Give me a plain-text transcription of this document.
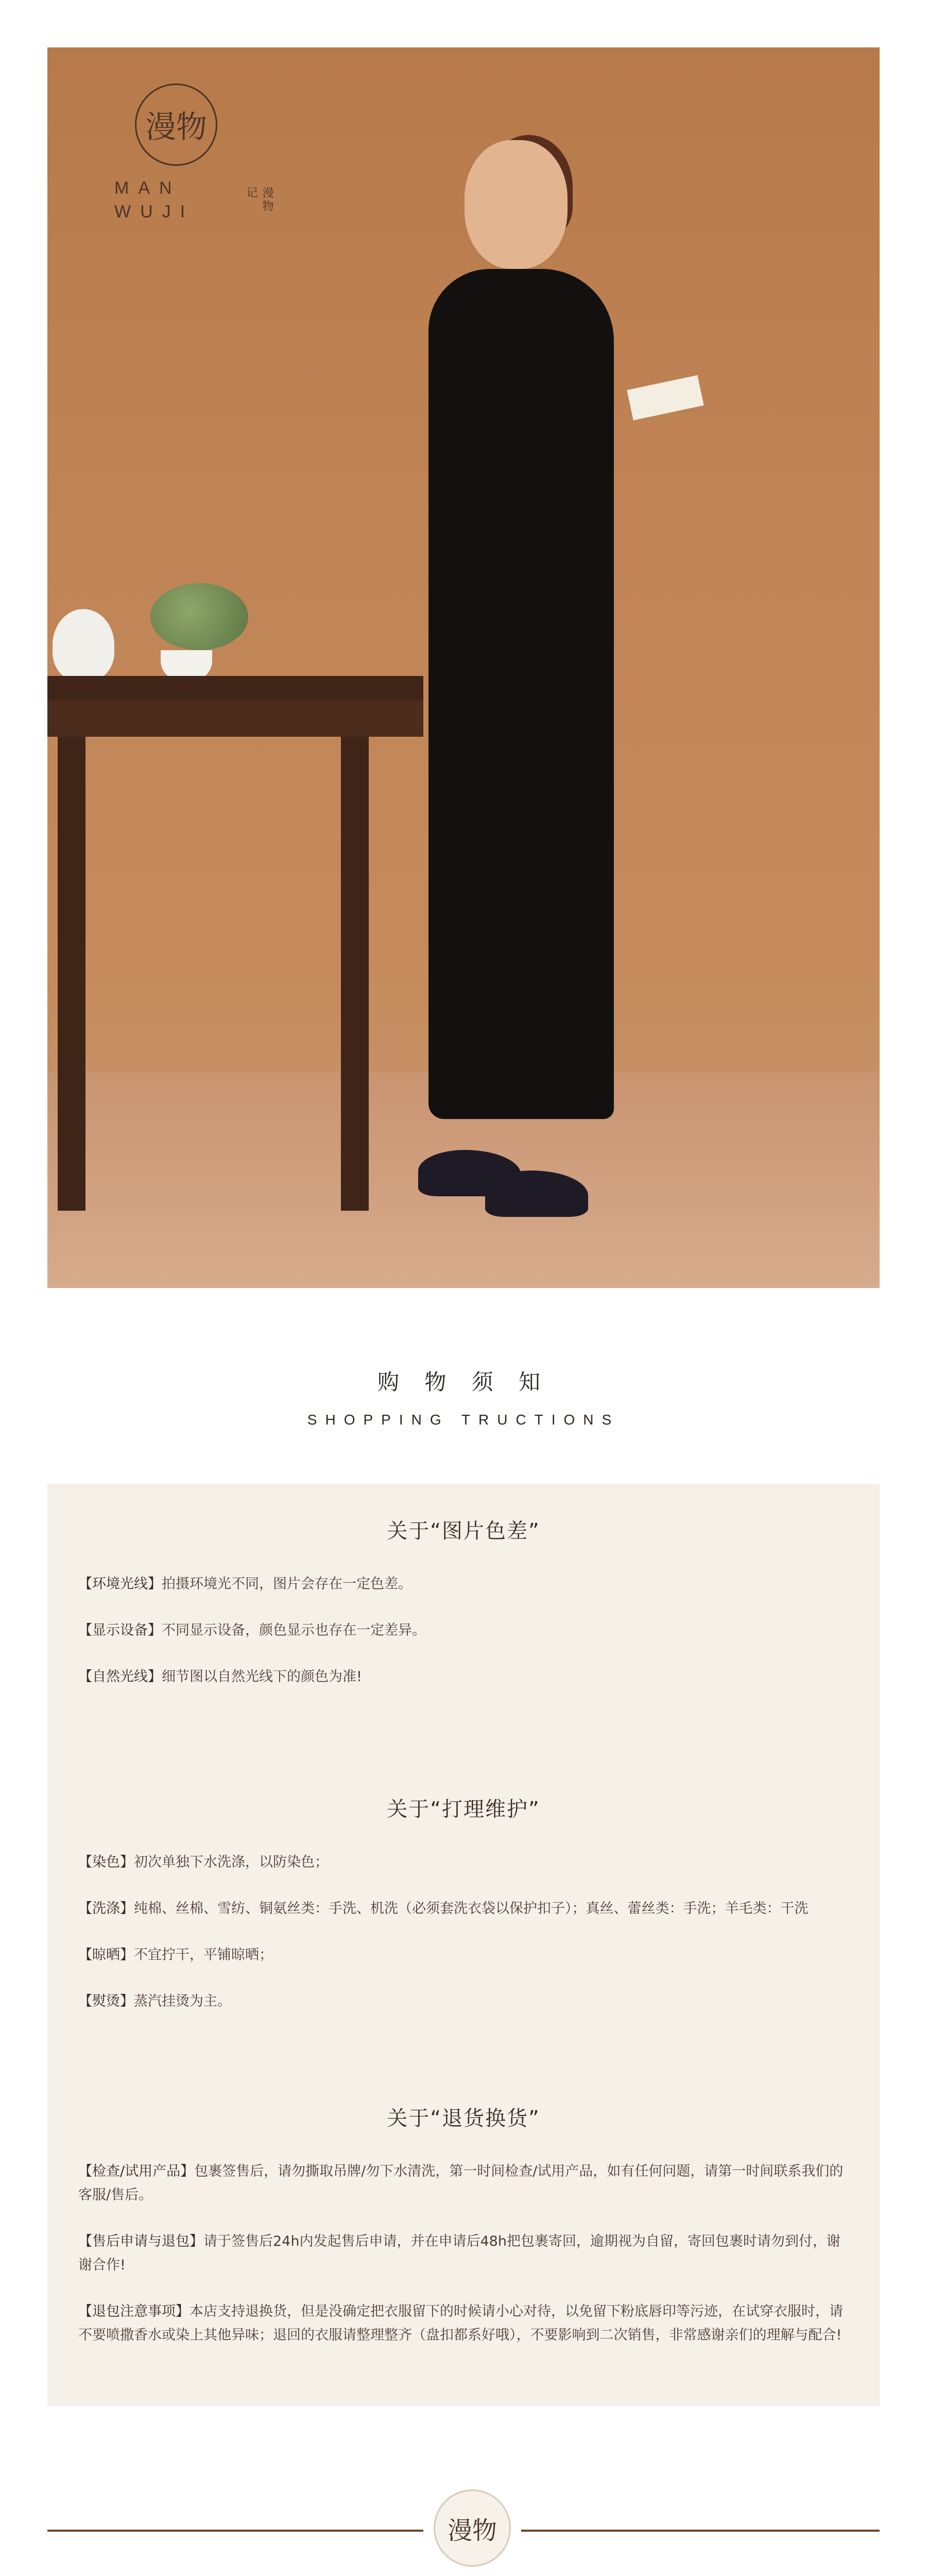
漫物
MAN
WUJI	漫物记
购 物 须 知
SHOPPING TRUCTIONS
关于“图片色差”

【环境光线】拍摄环境光不同，图片会存在一定色差。

【显示设备】不同显示设备，颜色显示也存在一定差异。

【自然光线】细节图以自然光线下的颜色为准!

关于“打理维护”

【染色】初次单独下水洗涤，以防染色；

【洗涤】纯棉、丝棉、雪纺、铜氨丝类：手洗、机洗（必须套洗衣袋以保护扣子）；真丝、蕾丝类：手洗；羊毛类：干洗

【晾晒】不宜拧干，平铺晾晒；

【熨烫】蒸汽挂烫为主。

关于“退货换货”

【检查/试用产品】包裹签售后，请勿撕取吊牌/勿下水清洗，第一时间检查/试用产品，如有任何问题，请第一时间联系我们的客服/售后。

【售后申请与退包】请于签售后24h内发起售后申请，并在申请后48h把包裹寄回，逾期视为自留，寄回包裹时请勿到付，谢谢合作!

【退包注意事项】本店支持退换货，但是没确定把衣服留下的时候请小心对待，以免留下粉底唇印等污迹，在试穿衣服时，请不要喷撒香水或染上其他异味；退回的衣服请整理整齐（盘扣都系好哦），不要影响到二次销售，非常感谢亲们的理解与配合!

漫物
